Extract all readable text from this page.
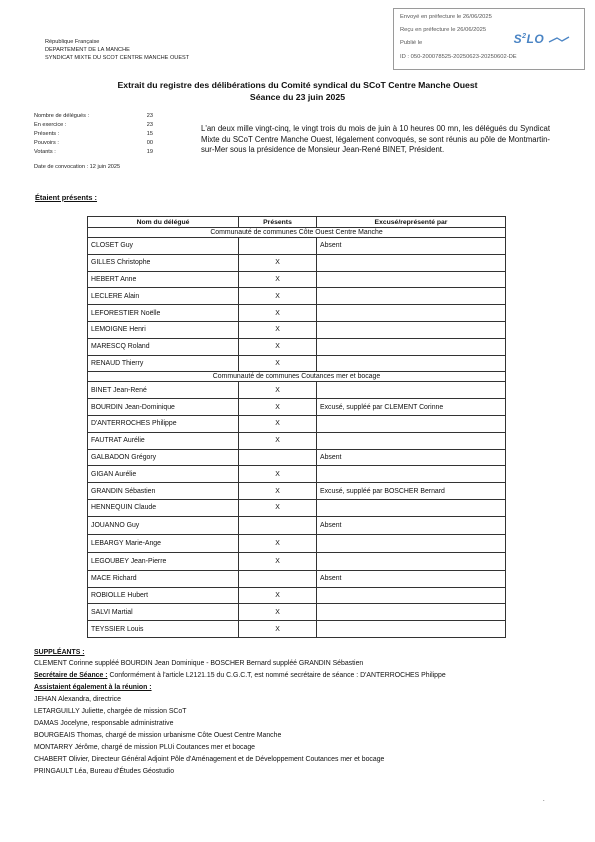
Envoyé en préfecture le 26/06/2025
Reçu en préfecture le 26/06/2025
Publié le
ID : 050-200078525-20250623-20250602-DE
$S^2LO$
République Française
DEPARTEMENT DE LA MANCHE
SYNDICAT MIXTE DU SCOT CENTRE MANCHE OUEST
Extrait du registre des délibérations du Comité syndical du SCoT Centre Manche Ouest
Séance du 23 juin 2025
Nombre de délégués :	23
En exercice :	23
Présents :	15
Pouvoirs :	00
Votants :	19
Date de convocation : 12 juin 2025
L'an deux mille vingt-cinq, le vingt trois du mois de juin à 10 heures 00 mn, les délégués du Syndicat Mixte du SCoT Centre Manche Ouest, légalement convoqués, se sont réunis au pôle de Montmartin-sur-Mer sous la présidence de Monsieur Jean-René BINET, Président.
Étaient présents :
Nom du délégué	Présents	Excusé/représenté par
Communauté de communes Côte Ouest Centre Manche		
CLOSET Guy		Absent
GILLES Christophe	X	
HEBERT Anne	X	
LECLERE Alain	X	
LEFORESTIER Noëlle	X	
LEMOIGNE Henri	X	
MARESCQ Roland	X	
RENAUD Thierry	X	
Communauté de communes Coutances mer et bocage		
BINET Jean-René	X	
BOURDIN Jean-Dominique	X	Excusé, suppléé par CLEMENT Corinne
D'ANTERROCHES Philippe	X	
FAUTRAT Aurélie	X	
GALBADON Grégory		Absent
GIGAN Aurélie	X	
GRANDIN Sébastien	X	Excusé, suppléé par BOSCHER Bernard
HENNEQUIN Claude	X	
JOUANNO Guy		Absent
LEBARGY Marie-Ange	X	
LEGOUBEY Jean-Pierre	X	
MACE Richard		Absent
ROBIOLLE Hubert	X	
SALVI Martial	X	
TEYSSIER Louis	X	
SUPPLÉANTS :
CLEMENT Corinne suppléé BOURDIN Jean Dominique - BOSCHER Bernard suppléé GRANDIN Sébastien
Secrétaire de Séance : Conformément à l'article L2121.15 du C.G.C.T, est nommé secrétaire de séance : D'ANTERROCHES Philippe
Assistaient également à la réunion :
JEHAN Alexandra, directrice
LETARGUILLY Juliette, chargée de mission SCoT
DAMAS Jocelyne, responsable administrative
BOURGEAIS Thomas, chargé de mission urbanisme Côte Ouest Centre Manche
MONTARRY Jérôme, chargé de mission PLUi Coutances mer et bocage
CHABERT Olivier, Directeur Général Adjoint Pôle d'Aménagement et de Développement Coutances mer et bocage
PRINGAULT Léa, Bureau d'Études Géostudio
.
